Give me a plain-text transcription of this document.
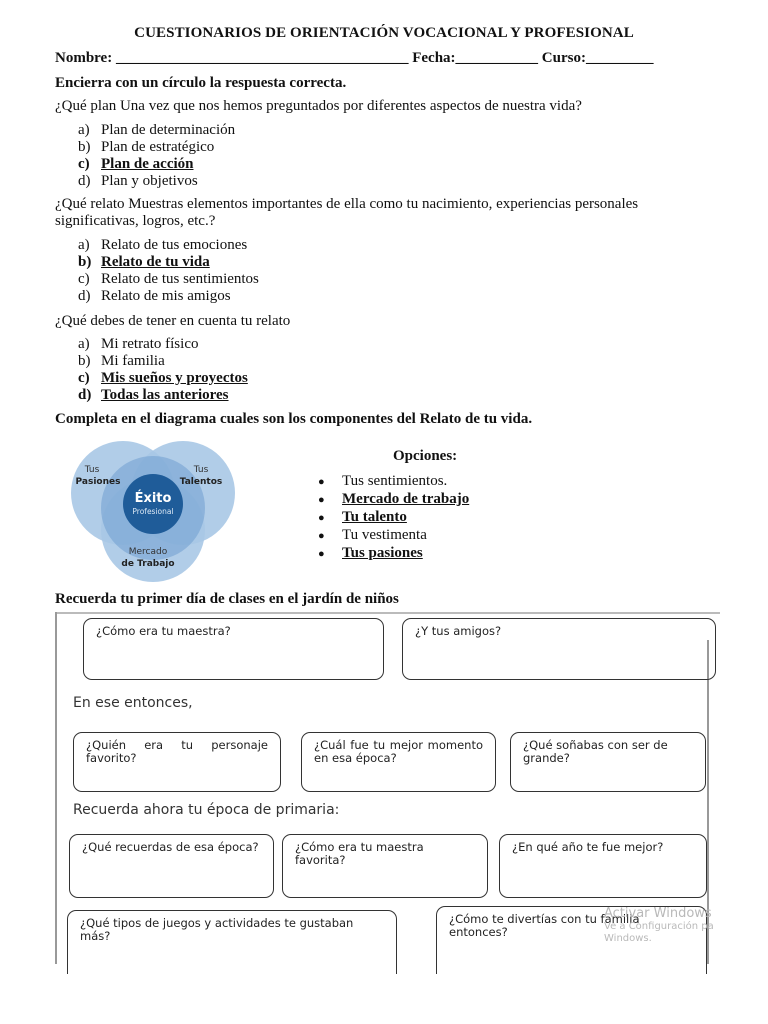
CUESTIONARIOS DE ORIENTACIÓN VOCACIONAL Y PROFESIONAL
Nombre: _______________________________________ Fecha:___________ Curso:_________
Encierra con un círculo la respuesta correcta.
¿Qué plan Una vez que nos hemos preguntados por diferentes aspectos de nuestra vida?
a) Plan de determinación
b) Plan de estratégico
c) Plan de acción
d) Plan y objetivos
¿Qué relato Muestras elementos importantes de ella como tu nacimiento, experiencias personales
significativas, logros, etc.?
a) Relato de tus emociones
b) Relato de tu vida
c) Relato de tus sentimientos
d) Relato de mis amigos
¿Qué debes de tener en cuenta tu relato
a) Mi retrato físico
b) Mi familia
c) Mis sueños y proyectos
d) Todas las anteriores
Completa en el diagrama cuales son los componentes del Relato de tu vida.
Tus
Pasiones
Tus
Talentos
Mercado
de Trabajo
Éxito
Profesional
Opciones:
● Tus sentimientos.
● Mercado de trabajo
● Tu talento
● Tu vestimenta
● Tus pasiones
Recuerda tu primer día de clases en el jardín de niños
¿Cómo era tu maestra?	¿Y tus amigos?
En ese entonces,
¿Quién era tu personaje favorito?
¿Cuál fue tu mejor momento en esa época?
¿Qué soñabas con ser de grande?
Recuerda ahora tu época de primaria:
¿Qué recuerdas de esa época?	¿Cómo era tu maestra favorita?
¿En qué año te fue mejor?
¿Qué tipos de juegos y actividades te gustaban más?
¿Cómo te divertías con tu familia entonces?
Activar Windows
Ve a Configuración pa
Windows.
